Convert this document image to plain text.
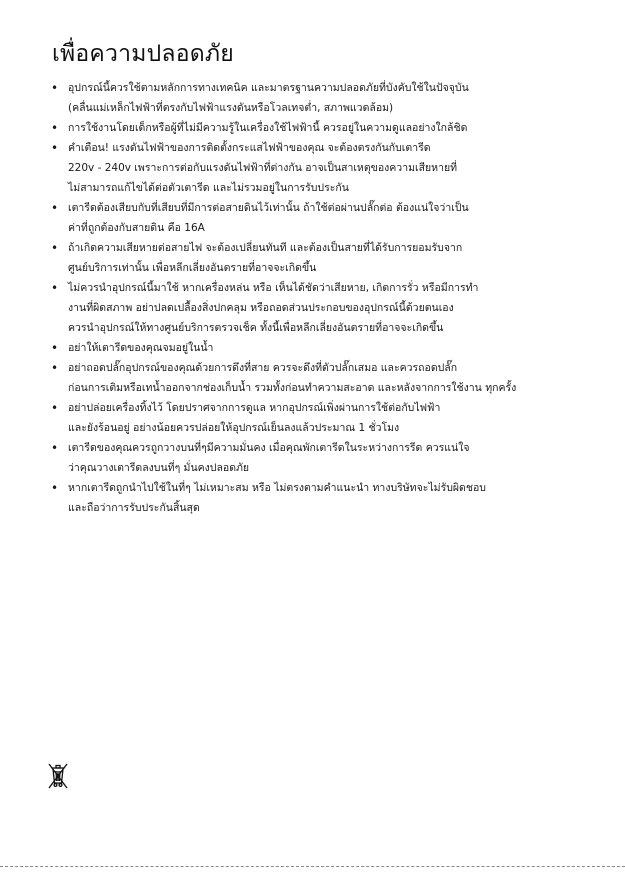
เพื่อความปลอดภัย
• อุปกรณ์นี้ควรใช้ตามหลักการทางเทคนิค และมาตรฐานความปลอดภัยที่บังคับใช้ในปัจจุบัน
(คลื่นแม่เหล็กไฟฟ้าที่ตรงกับไฟฟ้าแรงดันหรือโวลเทจต่ำ, สภาพแวดล้อม)
• การใช้งานโดยเด็กหรือผู้ที่ไม่มีความรู้ในเครื่องใช้ไฟฟ้านี้ ควรอยู่ในความดูแลอย่างใกล้ชิด
• คำเตือน! แรงดันไฟฟ้าของการติดตั้งกระแสไฟฟ้าของคุณ จะต้องตรงกันกับเตารีด
220v - 240v เพราะการต่อกับแรงดันไฟฟ้าที่ต่างกัน อาจเป็นสาเหตุของความเสียหายที่
ไม่สามารถแก้ไขได้ต่อตัวเตารีด และไม่รวมอยู่ในการรับประกัน
• เตารีดต้องเสียบกับที่เสียบที่มีการต่อสายดินไว้เท่านั้น ถ้าใช้ต่อผ่านปลั๊กต่อ ต้องแน่ใจว่าเป็น
ค่าที่ถูกต้องกับสายดิน คือ 16A
• ถ้าเกิดความเสียหายต่อสายไฟ จะต้องเปลี่ยนทันที และต้องเป็นสายที่ได้รับการยอมรับจาก
ศูนย์บริการเท่านั้น เพื่อหลีกเลี่ยงอันตรายที่อาจจะเกิดขึ้น
• ไม่ควรนำอุปกรณ์นี้มาใช้ หากเครื่องหล่น หรือ เห็นได้ชัดว่าเสียหาย, เกิดการรั่ว หรือมีการทำ
งานที่ผิดสภาพ อย่าปลดเปลื้องสิ่งปกคลุม หรือถอดส่วนประกอบของอุปกรณ์นี้ด้วยตนเอง
ควรนำอุปกรณ์ให้ทางศูนย์บริการตรวจเช็ค ทั้งนี้เพื่อหลีกเลี่ยงอันตรายที่อาจจะเกิดขึ้น
• อย่าให้เตารีดของคุณจมอยู่ในน้ำ
• อย่าถอดปลั๊กอุปกรณ์ของคุณด้วยการดึงที่สาย ควรจะดึงที่ตัวปลั๊กเสมอ และควรถอดปลั๊ก
ก่อนการเติมหรือเทน้ำออกจากช่องเก็บน้ำ รวมทั้งก่อนทำความสะอาด และหลังจากการใช้งาน ทุกครั้ง
• อย่าปล่อยเครื่องทิ้งไว้ โดยปราศจากการดูแล หากอุปกรณ์เพิ่งผ่านการใช้ต่อกับไฟฟ้า
และยังร้อนอยู่ อย่างน้อยควรปล่อยให้อุปกรณ์เย็นลงแล้วประมาณ 1 ชั่วโมง
• เตารีดของคุณควรถูกวางบนที่ๆมีความมั่นคง เมื่อคุณพักเตารีดในระหว่างการรีด ควรแน่ใจ
ว่าคุณวางเตารีดลงบนที่ๆ มั่นคงปลอดภัย
• หากเตารีดถูกนำไปใช้ในที่ๆ ไม่เหมาะสม หรือ ไม่ตรงตามคำแนะนำ ทางบริษัทจะไม่รับผิดชอบ
และถือว่าการรับประกันสิ้นสุด
